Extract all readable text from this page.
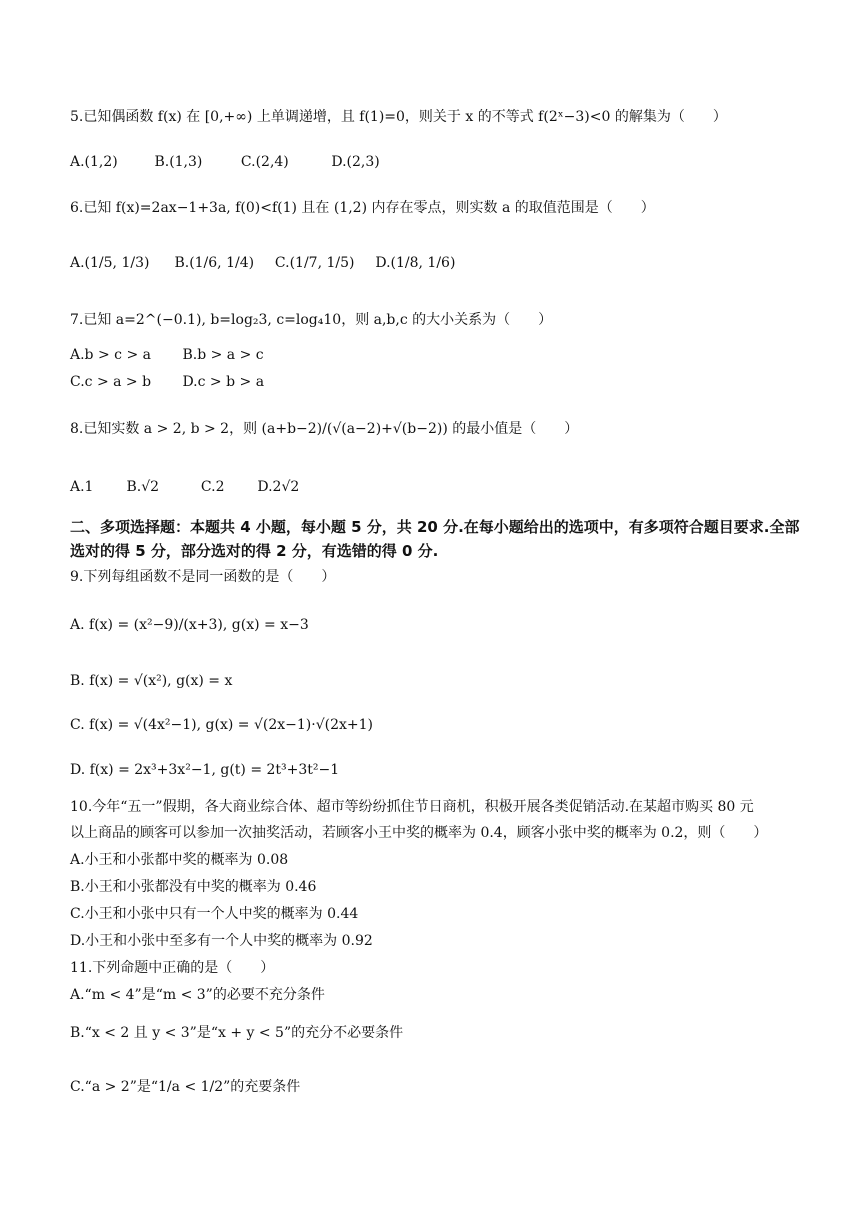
5.已知偶函数 f(x) 在 [0,+∞) 上单调递增，且 f(1)=0，则关于 x 的不等式 f(2ˣ−3)<0 的解集为（　　）
A.(1,2)	B.(1,3)	C.(2,4)	D.(2,3)
6.已知 f(x)=2ax−1+3a, f(0)<f(1) 且在 (1,2) 内存在零点，则实数 a 的取值范围是（　　）
A.(1/5, 1/3) B.(1/6, 1/4) C.(1/7, 1/5) D.(1/8, 1/6)
7.已知 a=2^(−0.1), b=log₂3, c=log₄10，则 a,b,c 的大小关系为（　　）
A.b > c > a B.b > a > c
C.c > a > b D.c > b > a
8.已知实数 a > 2, b > 2，则 (a+b−2)/(√(a−2)+√(b−2)) 的最小值是（　　）
A.1 B.√2	C.2 D.2√2
二、多项选择题：本题共 4 小题，每小题 5 分，共 20 分.在每小题给出的选项中，有多项符合题目要求.全部选对的得 5 分，部分选对的得 2 分，有选错的得 0 分.
9.下列每组函数不是同一函数的是（　　）
A. f(x) = (x²−9)/(x+3), g(x) = x−3
B. f(x) = √(x²), g(x) = x
C. f(x) = √(4x²−1), g(x) = √(2x−1)·√(2x+1)
D. f(x) = 2x³+3x²−1, g(t) = 2t³+3t²−1
10.今年“五一”假期，各大商业综合体、超市等纷纷抓住节日商机，积极开展各类促销活动.在某超市购买 80 元
以上商品的顾客可以参加一次抽奖活动，若顾客小王中奖的概率为 0.4，顾客小张中奖的概率为 0.2，则（　　）
A.小王和小张都中奖的概率为 0.08
B.小王和小张都没有中奖的概率为 0.46
C.小王和小张中只有一个人中奖的概率为 0.44
D.小王和小张中至多有一个人中奖的概率为 0.92
11.下列命题中正确的是（　　）
A.“m < 4”是“m < 3”的必要不充分条件
B.“x < 2 且 y < 3”是“x + y < 5”的充分不必要条件
C.“a > 2”是“1/a < 1/2”的充要条件
